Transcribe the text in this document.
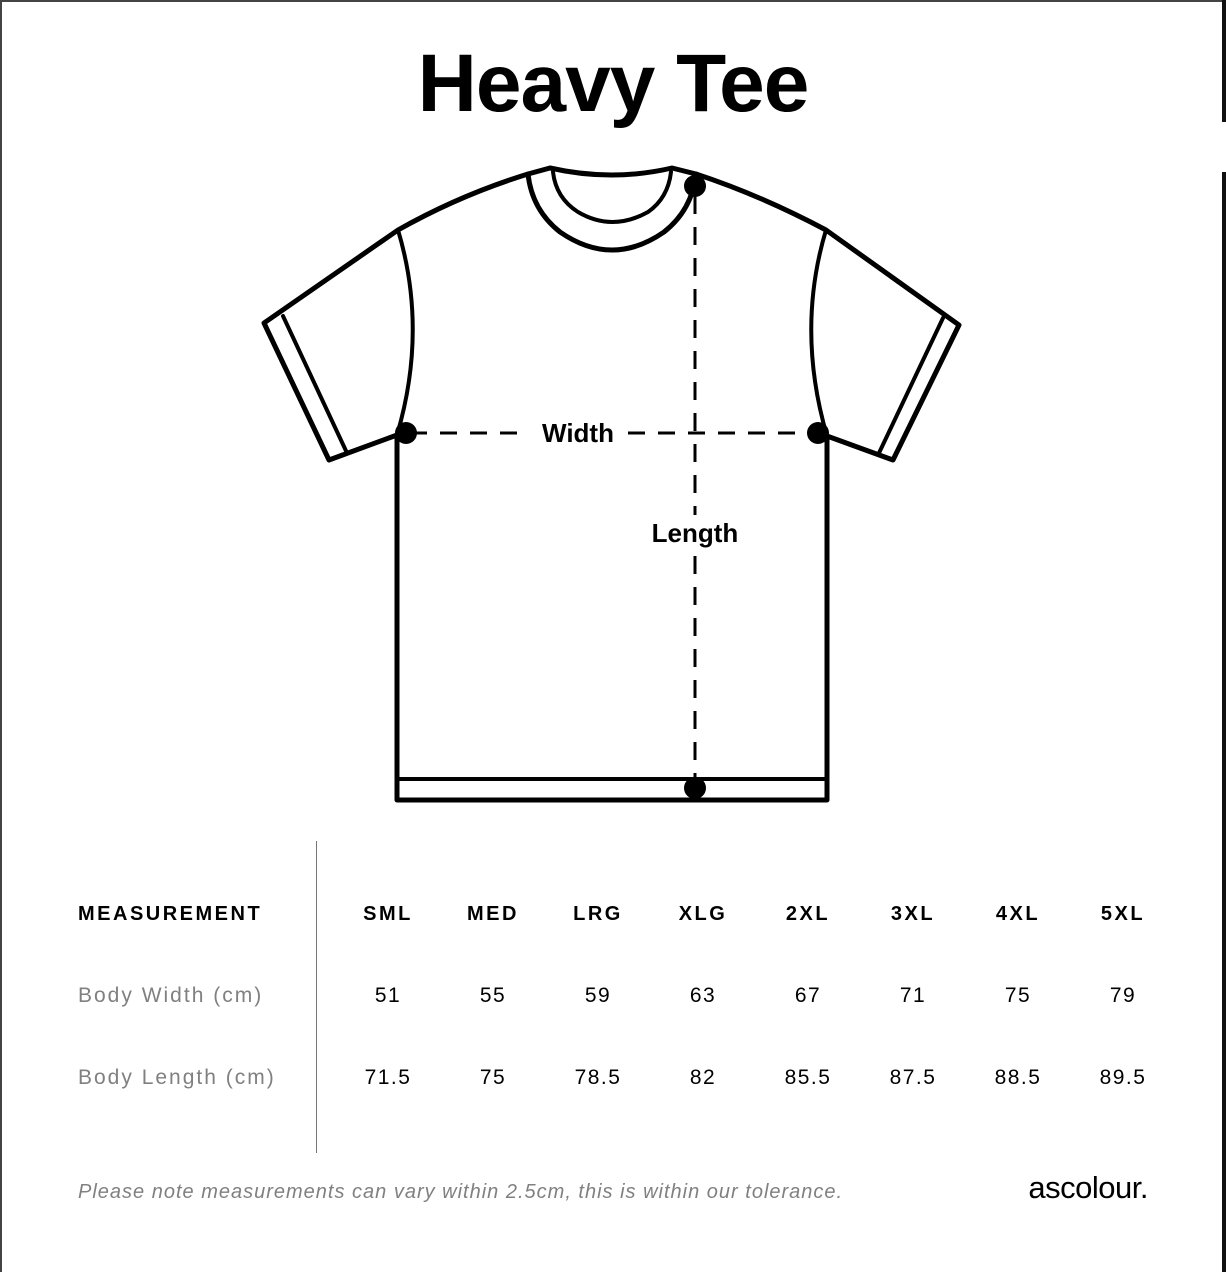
Heavy Tee
Width
Length
MEASUREMENT	SML	MED	LRG	XLG	2XL	3XL	4XL	5XL
Body Width (cm)	51	55	59	63	67	71	75	79
Body Length (cm)	71.5	75	78.5	82	85.5	87.5	88.5	89.5
Please note measurements can vary within 2.5cm, this is within our tolerance.	ascolour.
